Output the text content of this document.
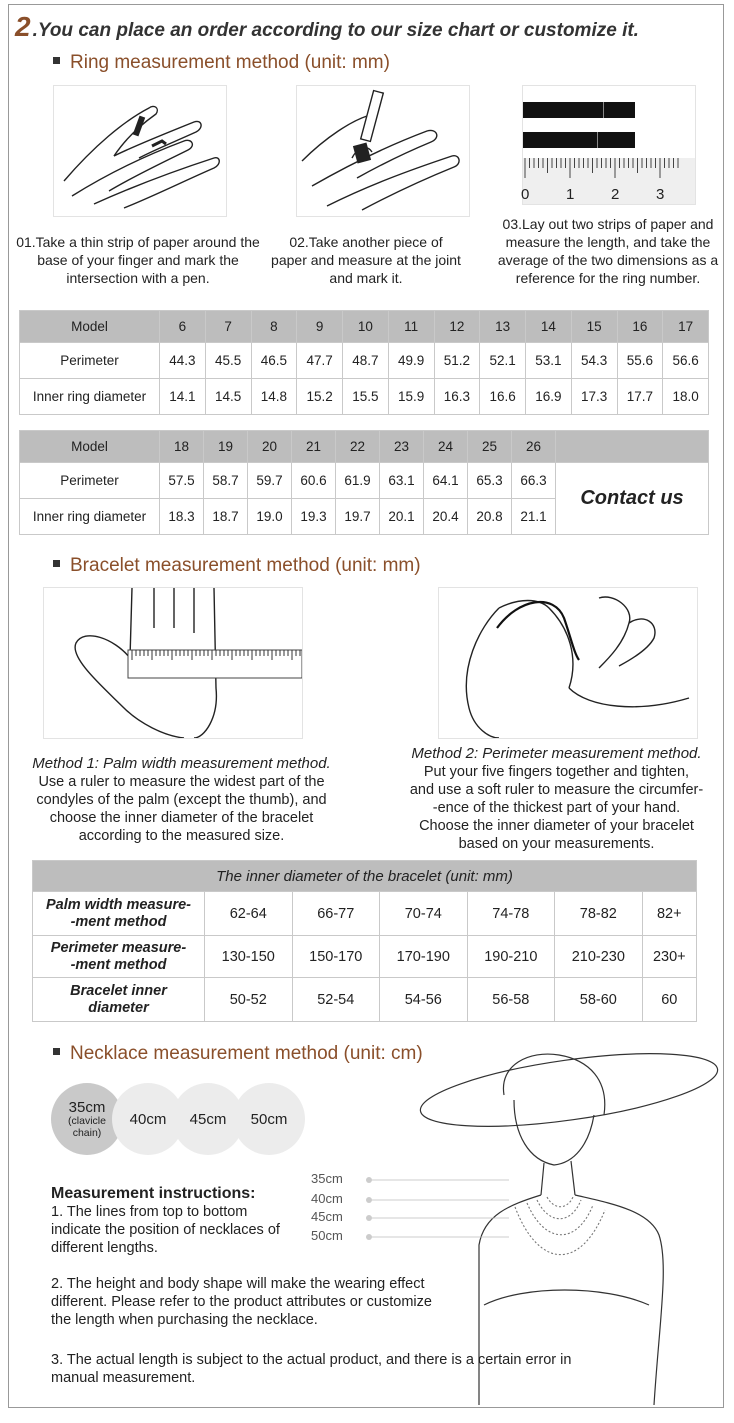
2 .You can place an order according to our size chart or customize it.
Ring measurement method (unit: mm)
0 1 2 3
01.Take a thin strip of paper around the base of your finger and mark the intersection with a pen.
02.Take another piece of paper and measure at the joint and mark it.
03.Lay out two strips of paper and measure the length, and take the average of the two dimensions as a reference for the ring number.
Model	6	7	8	9	10	11	12	13	14	15	16	17
Perimeter	44.3	45.5	46.5	47.7	48.7	49.9	51.2	52.1	53.1	54.3	55.6	56.6
Inner ring diameter	14.1	14.5	14.8	15.2	15.5	15.9	16.3	16.6	16.9	17.3	17.7	18.0
Model	18	19	20	21	22	23	24	25	26	
Perimeter	57.5	58.7	59.7	60.6	61.9	63.1	64.1	65.3	66.3	Contact us
Inner ring diameter	18.3	18.7	19.0	19.3	19.7	20.1	20.4	20.8	21.1	
Bracelet measurement method (unit: mm)
Method 1: Palm width measurement method.
Use a ruler to measure the widest part of the
condyles of the palm (except the thumb), and
choose the inner diameter of the bracelet
according to the measured size.
Method 2: Perimeter measurement method.
Put your five fingers together and tighten,
and use a soft ruler to measure the circumfer-
-ence of the thickest part of your hand.
Choose the inner diameter of your bracelet
based on your measurements.
The inner diameter of the bracelet (unit: mm)						

Palm width measure-
-ment method	62-64	66-77	70-74	74-78	78-82	82+

Perimeter measure-
-ment method	130-150	150-170	170-190	190-210	210-230	230+

Bracelet inner
diameter	50-52	52-54	54-56	56-58	58-60	60
Necklace measurement method (unit: cm)
35cm
(clavicle
chain)
40cm	45cm	50cm
35cm
40cm
45cm
50cm
Measurement instructions:
1. The lines from top to bottom
indicate the position of necklaces of
different lengths.
2. The height and body shape will make the wearing effect
different. Please refer to the product attributes or customize
the length when purchasing the necklace.
3. The actual length is subject to the actual product, and there is a certain error in
manual measurement.
